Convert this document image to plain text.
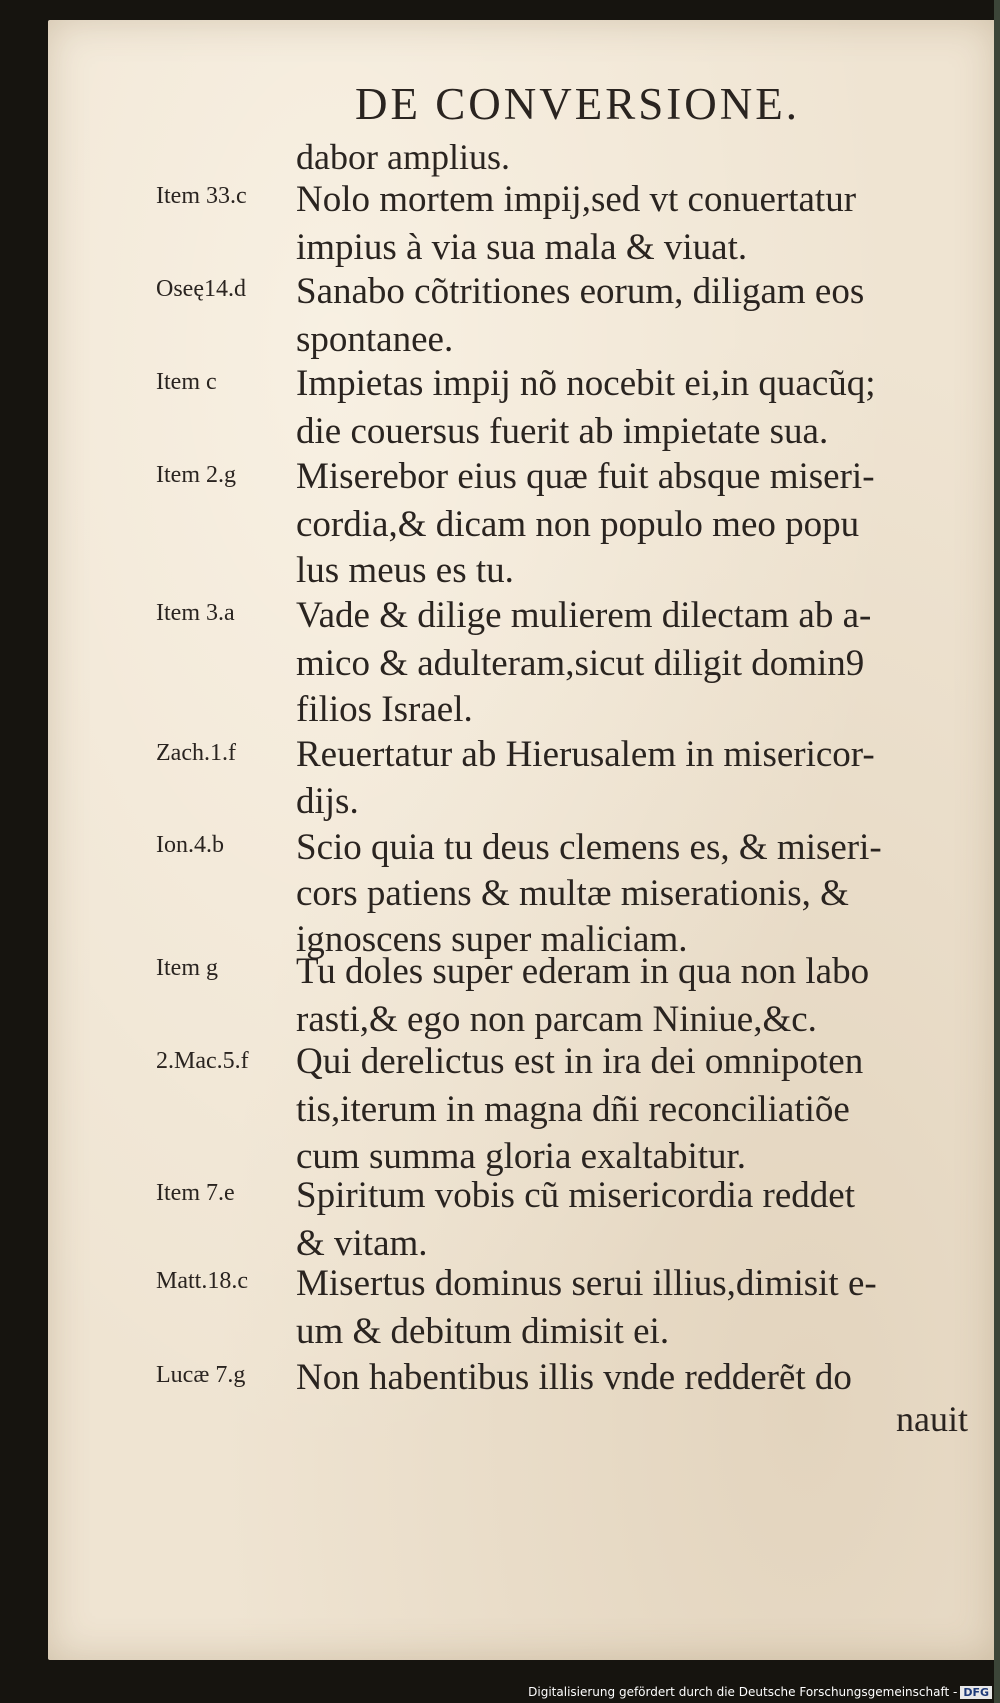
DE CONVERSIONE.
dabor amplius.
Item 33.c Nolo mortem impij,sed vt conuertatur
impius à via sua mala & viuat.
Oseę14.d Sanabo cõtritiones eorum, diligam eos
spontanee.
Item c Impietas impij nõ nocebit ei,in quacũq;
die couersus fuerit ab impietate sua.
Item 2.g Miserebor eius quæ fuit absque miseri-
cordia,& dicam non populo meo popu
lus meus es tu.
Item 3.a Vade & dilige mulierem dilectam ab a-
mico & adulteram,sicut diligit domin9
filios Israel.
Zach.1.f Reuertatur ab Hierusalem in misericor-
dijs.
Ion.4.b Scio quia tu deus clemens es, & miseri-
cors patiens & multæ miserationis, &
ignoscens super maliciam.
Item g Tu doles super ederam in qua non labo
rasti,& ego non parcam Niniue,&c.
2.Mac.5.f Qui derelictus est in ira dei omnipoten
tis,iterum in magna dñi reconciliatiõe
cum summa gloria exaltabitur.
Item 7.e Spiritum vobis cũ misericordia reddet
& vitam.
Matt.18.c Misertus dominus serui illius,dimisit e-
um & debitum dimisit ei.
Lucæ 7.g Non habentibus illis vnde redderẽt do
nauit
Digitalisierung gefördert durch die Deutsche Forschungsgemeinschaft - DFG
